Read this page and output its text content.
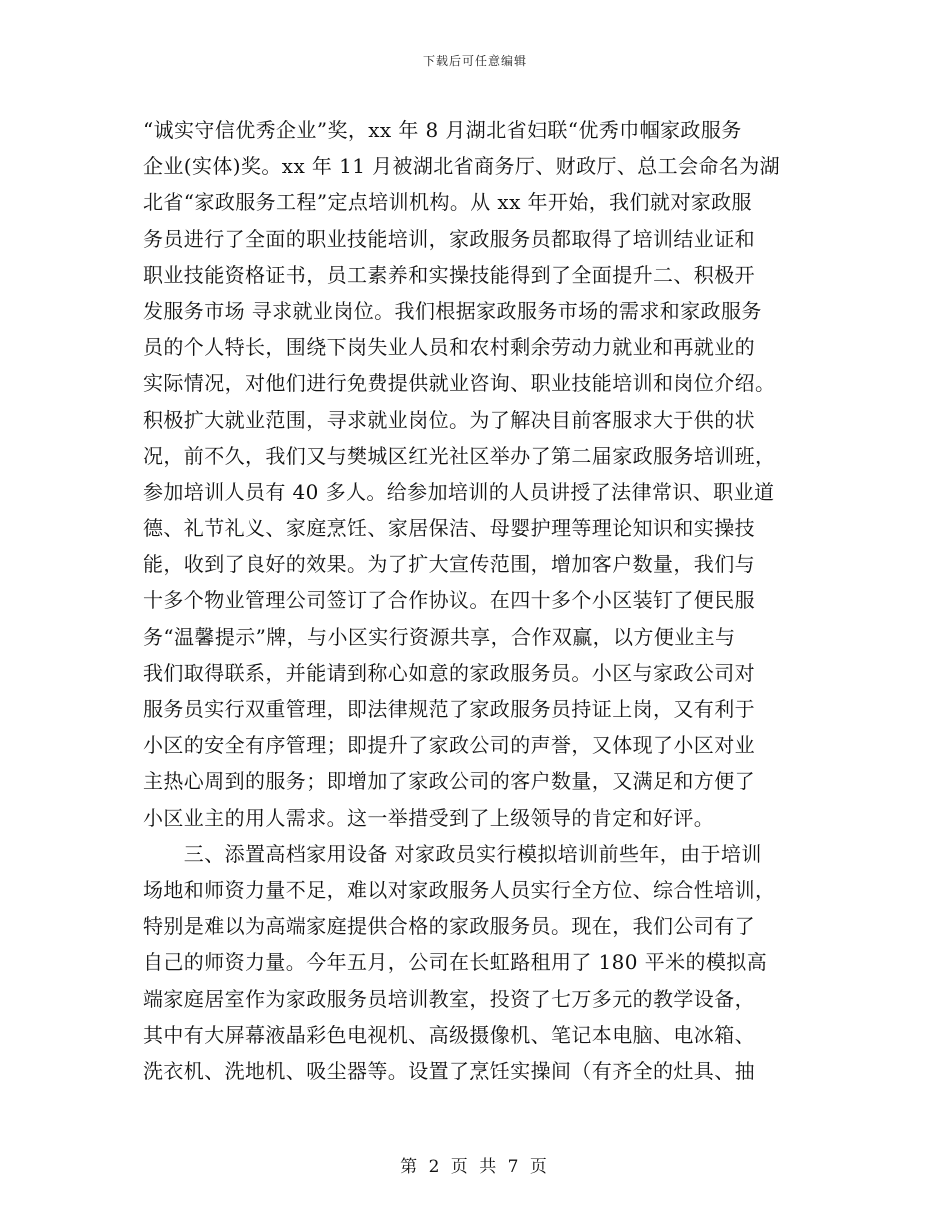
下载后可任意编辑
“诚实守信优秀企业”奖，xx 年 8 月湖北省妇联“优秀巾帼家政服务
企业(实体)奖。xx 年 11 月被湖北省商务厅、财政厅、总工会命名为湖
北省“家政服务工程”定点培训机构。从 xx 年开始，我们就对家政服
务员进行了全面的职业技能培训，家政服务员都取得了培训结业证和
职业技能资格证书，员工素养和实操技能得到了全面提升二、积极开
发服务市场 寻求就业岗位。我们根据家政服务市场的需求和家政服务
员的个人特长，围绕下岗失业人员和农村剩余劳动力就业和再就业的
实际情况，对他们进行免费提供就业咨询、职业技能培训和岗位介绍。
积极扩大就业范围，寻求就业岗位。为了解决目前客服求大于供的状
况，前不久，我们又与樊城区红光社区举办了第二届家政服务培训班，
参加培训人员有 40 多人。给参加培训的人员讲授了法律常识、职业道
德、礼节礼义、家庭烹饪、家居保洁、母婴护理等理论知识和实操技
能，收到了良好的效果。为了扩大宣传范围，增加客户数量，我们与
十多个物业管理公司签订了合作协议。在四十多个小区装钉了便民服
务“温馨提示”牌，与小区实行资源共享，合作双赢，以方便业主与
我们取得联系，并能请到称心如意的家政服务员。小区与家政公司对
服务员实行双重管理，即法律规范了家政服务员持证上岗，又有利于
小区的安全有序管理；即提升了家政公司的声誉，又体现了小区对业
主热心周到的服务；即增加了家政公司的客户数量，又满足和方便了
小区业主的用人需求。这一举措受到了上级领导的肯定和好评。
　　三、添置高档家用设备 对家政员实行模拟培训前些年，由于培训
场地和师资力量不足，难以对家政服务人员实行全方位、综合性培训，
特别是难以为高端家庭提供合格的家政服务员。现在，我们公司有了
自己的师资力量。今年五月，公司在长虹路租用了 180 平米的模拟高
端家庭居室作为家政服务员培训教室，投资了七万多元的教学设备，
其中有大屏幕液晶彩色电视机、高级摄像机、笔记本电脑、电冰箱、
洗衣机、洗地机、吸尘器等。设置了烹饪实操间（有齐全的灶具、抽
第 2 页 共 7 页
